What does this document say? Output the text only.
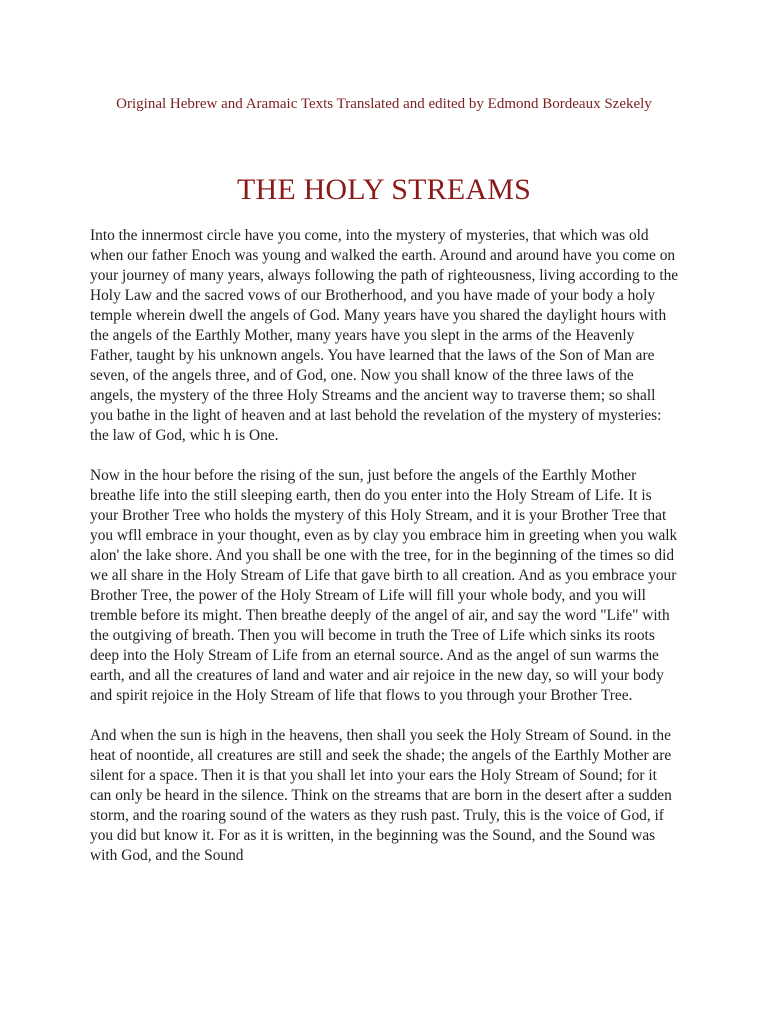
Original Hebrew and Aramaic Texts Translated and edited by Edmond Bordeaux Szekely
THE HOLY STREAMS

Into the innermost circle have you come, into the mystery of mysteries, that which was old when our father Enoch was young and walked the earth. Around and around have you come on your journey of many years, always following the path of righteousness, living according to the Holy Law and the sacred vows of our Brotherhood, and you have made of your body a holy temple wherein dwell the angels of God. Many years have you shared the daylight hours with the angels of the Earthly Mother, many years have you slept in the arms of the Heavenly Father, taught by his unknown angels. You have learned that the laws of the Son of Man are seven, of the angels three, and of God, one. Now you shall know of the three laws of the angels, the mystery of the three Holy Streams and the ancient way to traverse them; so shall you bathe in the light of heaven and at last behold the revelation of the mystery of mysteries: the law of God, whic h is One.

Now in the hour before the rising of the sun, just before the angels of the Earthly Mother breathe life into the still sleeping earth, then do you enter into the Holy Stream of Life. It is your Brother Tree who holds the mystery of this Holy Stream, and it is your Brother Tree that you wfll embrace in your thought, even as by clay you embrace him in greeting when you walk alon' the lake shore. And you shall be one with the tree, for in the beginning of the times so did we all share in the Holy Stream of Life that gave birth to all creation. And as you embrace your Brother Tree, the power of the Holy Stream of Life will fill your whole body, and you will tremble before its might. Then breathe deeply of the angel of air, and say the word "Life" with the outgiving of breath. Then you will become in truth the Tree of Life which sinks its roots deep into the Holy Stream of Life from an eternal source. And as the angel of sun warms the earth, and all the creatures of land and water and air rejoice in the new day, so will your body and spirit rejoice in the Holy Stream of life that flows to you through your Brother Tree.

And when the sun is high in the heavens, then shall you seek the Holy Stream of Sound. in the heat of noontide, all creatures are still and seek the shade; the angels of the Earthly Mother are silent for a space. Then it is that you shall let into your ears the Holy Stream of Sound; for it can only be heard in the silence. Think on the streams that are born in the desert after a sudden storm, and the roaring sound of the waters as they rush past. Truly, this is the voice of God, if you did but know it. For as it is written, in the beginning was the Sound, and the Sound was with God, and the Sound
